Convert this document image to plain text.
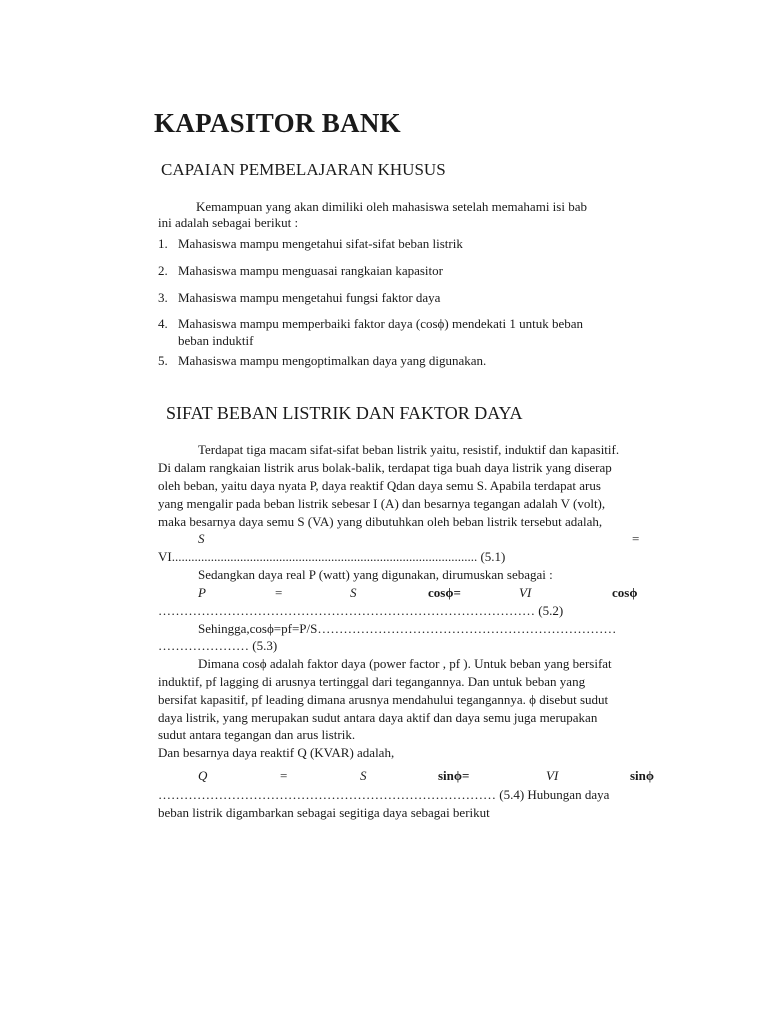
KAPASITOR BANK
CAPAIAN PEMBELAJARAN KHUSUS
Kemampuan yang akan dimiliki oleh mahasiswa setelah memahami isi bab
ini adalah sebagai berikut :
1. Mahasiswa mampu mengetahui sifat-sifat beban listrik
2. Mahasiswa mampu menguasai rangkaian kapasitor
3. Mahasiswa mampu mengetahui fungsi faktor daya
4. Mahasiswa mampu memperbaiki faktor daya (cosϕ) mendekati 1 untuk beban
beban induktif
5. Mahasiswa mampu mengoptimalkan daya yang digunakan.
SIFAT BEBAN LISTRIK DAN FAKTOR DAYA
Terdapat tiga macam sifat-sifat beban listrik yaitu, resistif, induktif dan kapasitif.
Di dalam rangkaian listrik arus bolak-balik, terdapat tiga buah daya listrik yang diserap
oleh beban, yaitu daya nyata P, daya reaktif Qdan daya semu S. Apabila terdapat arus
yang mengalir pada beban listrik sebesar I (A) dan besarnya tegangan adalah V (volt),
maka besarnya daya semu S (VA) yang dibutuhkan oleh beban listrik tersebut adalah,
S	=
VI.............................................................................................. (5.1)
Sedangkan daya real P (watt) yang digunakan, dirumuskan sebagai :
P	=	S	cosϕ=	VI	cosϕ
…………………………………………………………………………… (5.2)
Sehingga,cosϕ=pf=P/S……………………………………………………………
………………… (5.3)
Dimana cosϕ adalah faktor daya (power factor , pf ). Untuk beban yang bersifat
induktif, pf lagging di arusnya tertinggal dari tegangannya. Dan untuk beban yang
bersifat kapasitif, pf leading dimana arusnya mendahului tegangannya. ϕ disebut sudut
daya listrik, yang merupakan sudut antara daya aktif dan daya semu juga merupakan
sudut antara tegangan dan arus listrik.
Dan besarnya daya reaktif Q (KVAR) adalah,
Q	=	S	sinϕ=	VI	sinϕ
…………………………………………………………………… (5.4) Hubungan daya
beban listrik digambarkan sebagai segitiga daya sebagai berikut
